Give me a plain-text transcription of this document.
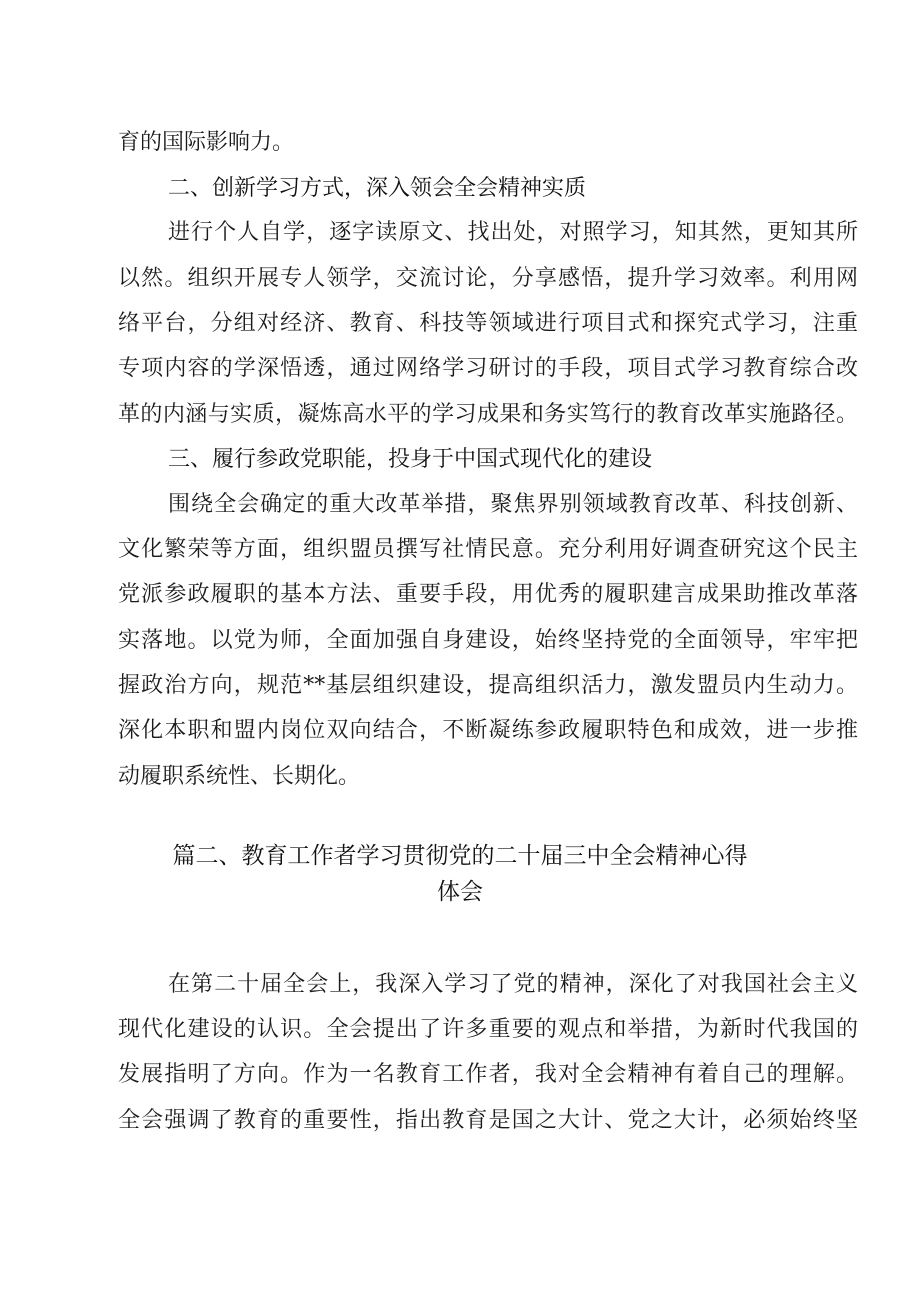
育的国际影响力。
二、创新学习方式，深入领会全会精神实质
进行个人自学，逐字读原文、找出处，对照学习，知其然，更知其所
以然。组织开展专人领学，交流讨论，分享感悟，提升学习效率。利用网
络平台，分组对经济、教育、科技等领域进行项目式和探究式学习，注重
专项内容的学深悟透，通过网络学习研讨的手段，项目式学习教育综合改
革的内涵与实质，凝炼高水平的学习成果和务实笃行的教育改革实施路径。
三、履行参政党职能，投身于中国式现代化的建设
围绕全会确定的重大改革举措，聚焦界别领域教育改革、科技创新、
文化繁荣等方面，组织盟员撰写社情民意。充分利用好调查研究这个民主
党派参政履职的基本方法、重要手段，用优秀的履职建言成果助推改革落
实落地。以党为师，全面加强自身建设，始终坚持党的全面领导，牢牢把
握政治方向，规范**基层组织建设，提高组织活力，激发盟员内生动力。
深化本职和盟内岗位双向结合，不断凝练参政履职特色和成效，进一步推
动履职系统性、长期化。
篇二、教育工作者学习贯彻党的二十届三中全会精神心得
体会
在第二十届全会上，我深入学习了党的精神，深化了对我国社会主义
现代化建设的认识。全会提出了许多重要的观点和举措，为新时代我国的
发展指明了方向。作为一名教育工作者，我对全会精神有着自己的理解。
全会强调了教育的重要性，指出教育是国之大计、党之大计，必须始终坚
